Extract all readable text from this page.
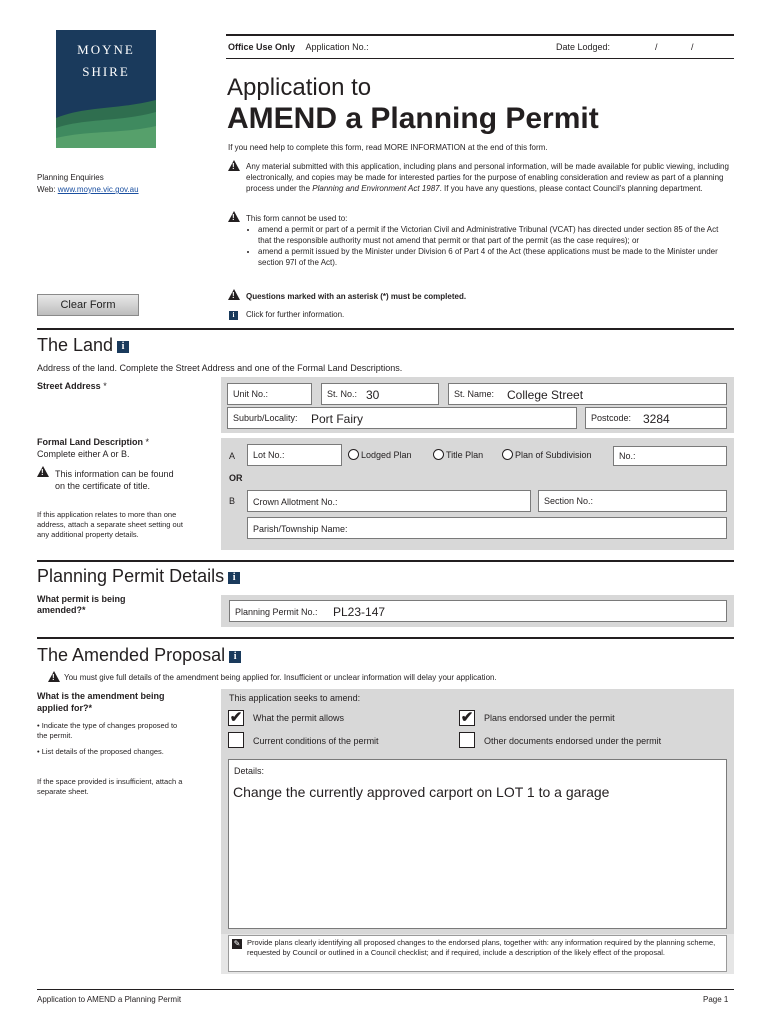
MOYNE
SHIRE
Office Use Only Application No.:	Date Lodged:	/	/
Application to
AMEND a Planning Permit
If you need help to complete this form, read MORE INFORMATION at the end of this form.
Planning Enquiries
Web: www.moyne.vic.gov.au
!
Any material submitted with this application, including plans and personal information, will be made available for public viewing, including electronically, and copies may be made for interested parties for the purpose of enabling consideration and review as part of a planning process under the Planning and Environment Act 1987. If you have any questions, please contact Council's planning department.
!
This form cannot be used to:
• amend a permit or part of a permit if the Victorian Civil and Administrative Tribunal (VCAT) has directed under section 85 of the Act that the responsible authority must not amend that permit or that part of the permit (as the case requires); or
• amend a permit issued by the Minister under Division 6 of Part 4 of the Act (these applications must be made to the Minister under section 97I of the Act).
!
Questions marked with an asterisk (*) must be completed.
i	Click for further information.
Clear Form
The Land i
Address of the land. Complete the Street Address and one of the Formal Land Descriptions.
Street Address *
Unit No.:	St. No.: 30	St. Name: College Street
Suburb/Locality: Port Fairy	Postcode: 3284
Formal Land Description *
Complete either A or B.
!
This information can be found on the certificate of title.
If this application relates to more than one address, attach a separate sheet setting out any additional property details.
A Lot No.:	Lodged Plan	Title Plan	Plan of Subdivision	No.:
OR
B Crown Allotment No.:	Section No.:
Parish/Township Name:
Planning Permit Details i
What permit is being amended?*	Planning Permit No.: PL23-147
The Amended Proposal i
!
You must give full details of the amendment being applied for. Insufficient or unclear information will delay your application.
What is the amendment being applied for?*
• Indicate the type of changes proposed to the permit.
• List details of the proposed changes.
If the space provided is insufficient, attach a separate sheet.
This application seeks to amend:
✔ What the permit allows	✔ Plans endorsed under the permit
Current conditions of the permit	Other documents endorsed under the permit
Details:
Change the currently approved carport on LOT 1 to a garage
✎ Provide plans clearly identifying all proposed changes to the endorsed plans, together with: any information required by the planning scheme, requested by Council or outlined in a Council checklist; and if required, include a description of the likely effect of the proposal.
Application to AMEND a Planning Permit	Page 1
